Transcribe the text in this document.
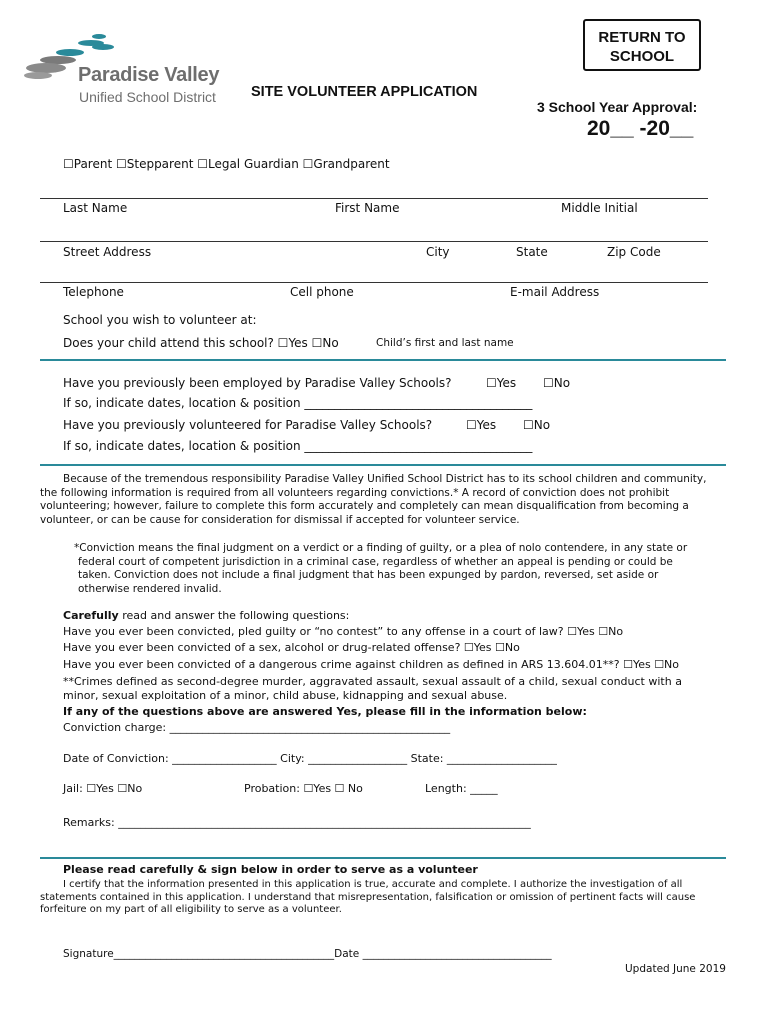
Paradise Valley
Unified School District
RETURN TO
SCHOOL
SITE VOLUNTEER APPLICATION
3 School Year Approval:
20__ -20__
☐Parent ☐Stepparent ☐Legal Guardian ☐Grandparent
Last Name	First Name	Middle Initial
Street Address	City	State	Zip Code
Telephone	Cell phone	E-mail Address
School you wish to volunteer at:
Does your child attend this school? ☐Yes ☐No	Child’s first and last name
Have you previously been employed by Paradise Valley Schools?	☐Yes ☐No
If so, indicate dates, location & position ______________________________________
Have you previously volunteered for Paradise Valley Schools?	☐Yes ☐No
If so, indicate dates, location & position ______________________________________
Because of the tremendous responsibility Paradise Valley Unified School District has to its school children and community, the following information is required from all volunteers regarding convictions.* A record of conviction does not prohibit volunteering; however, failure to complete this form accurately and completely can mean disqualification from becoming a volunteer, or can be cause for consideration for dismissal if accepted for volunteer service.
*Conviction means the final judgment on a verdict or a finding of guilty, or a plea of nolo contendere, in any state or federal court of competent jurisdiction in a criminal case, regardless of whether an appeal is pending or could be taken. Conviction does not include a final judgment that has been expunged by pardon, reversed, set aside or otherwise rendered invalid.
Carefully read and answer the following questions:
Have you ever been convicted, pled guilty or “no contest” to any offense in a court of law? ☐Yes ☐No
Have you ever been convicted of a sex, alcohol or drug-related offense? ☐Yes ☐No
Have you ever been convicted of a dangerous crime against children as defined in ARS 13.604.01**? ☐Yes ☐No
**Crimes defined as second-degree murder, aggravated assault, sexual assault of a child, sexual conduct with a minor, sexual exploitation of a minor, child abuse, kidnapping and sexual abuse.
If any of the questions above are answered Yes, please fill in the information below:
Conviction charge: ___________________________________________________
Date of Conviction: ___________________ City: __________________ State: ____________________
Jail: ☐Yes ☐No	Probation: ☐Yes ☐ No	Length: _____
Remarks: ___________________________________________________________________________
Please read carefully & sign below in order to serve as a volunteer
I certify that the information presented in this application is true, accurate and complete. I authorize the investigation of all statements contained in this application. I understand that misrepresentation, falsification or omission of pertinent facts will cause forfeiture on my part of all eligibility to serve as a volunteer.
Signature__________________________________________Date ____________________________________
Updated June 2019
